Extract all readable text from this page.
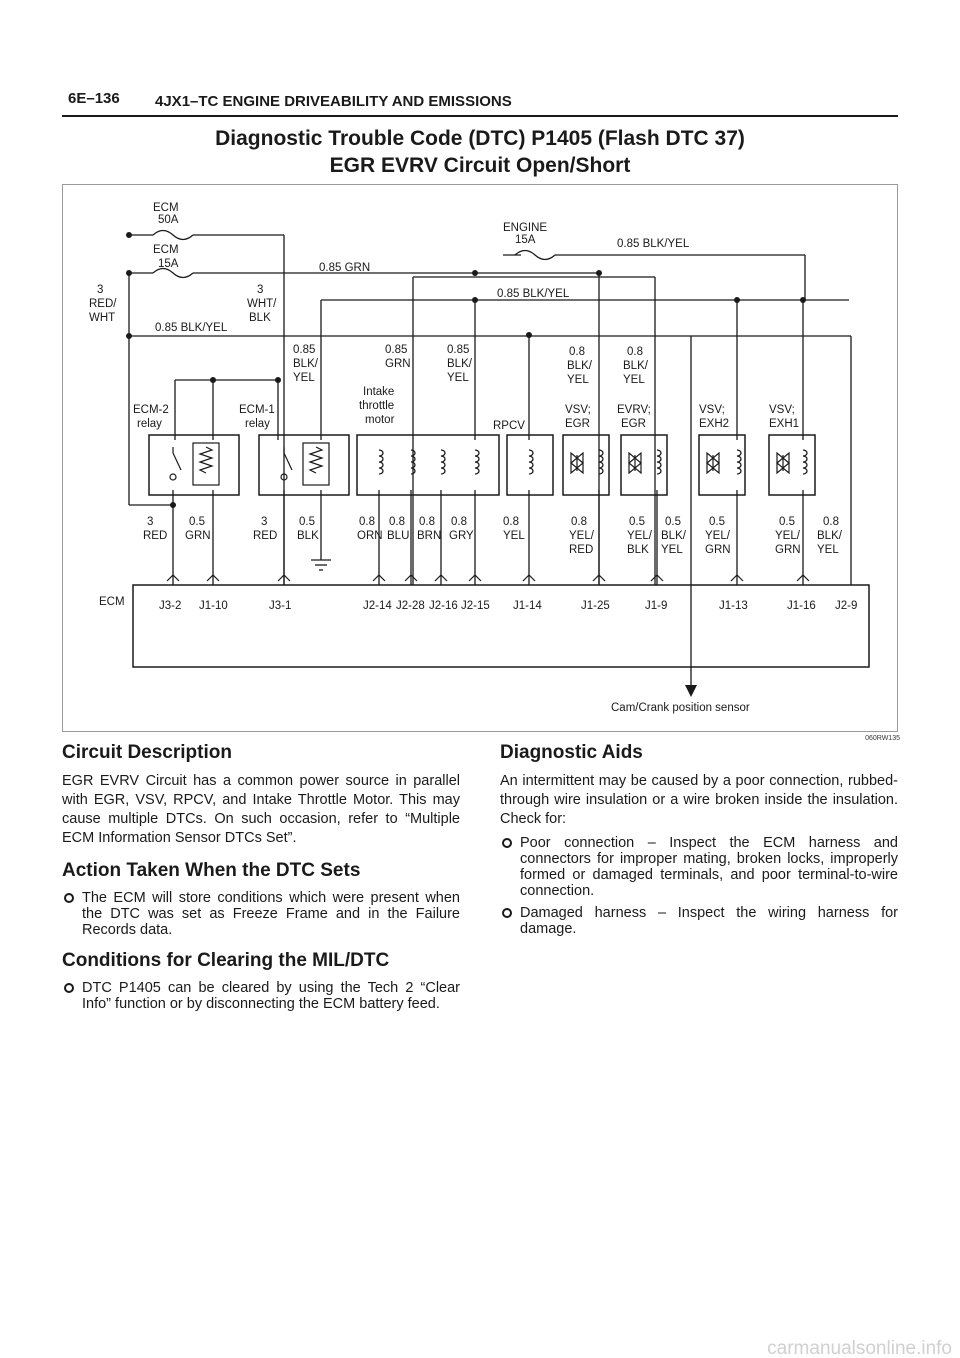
6E–136 4JX1–TC ENGINE DRIVEABILITY AND EMISSIONS
Diagnostic Trouble Code (DTC) P1405 (Flash DTC 37)
EGR EVRV Circuit Open/Short
ECM
50A
ECM
15A
ENGINE
15A	0.85 BLK/YEL
0.85 GRN
0.85 BLK/YEL
0.85 BLK/YEL
3
RED/
WHT
3
WHT/
BLK
0.85
BLK/
YEL
0.85
GRN
0.85
BLK/
YEL
0.8
BLK/
YEL
0.8
BLK/
YEL
ECM-2
relay
ECM-1
relay
Intake
throttle
motor	RPCV
VSV;
EGR
EVRV;
EGR
VSV;
EXH2
VSV;
EXH1
ECM
Cam/Crank position sensor
3
RED
0.5
GRN
3
RED
0.5
BLK
0.8
ORN
0.8
BLU
0.8
BRN
0.8
GRY
0.8
YEL
0.8
YEL/
RED
0.5
YEL/
BLK
0.5
BLK/
YEL
0.5
YEL/
GRN
0.5
YEL/
GRN
0.8
BLK/
YEL
J3-2 J1-10	J3-1	J2-14 J2-28 J2-16 J2-15 J1-14	J1-25	J1-9	J1-13	J1-16 J2-9
060RW135
Circuit Description
EGR EVRV Circuit has a common power source in parallel with EGR, VSV, RPCV, and Intake Throttle Motor. This may cause multiple DTCs. On such occasion, refer to “Multiple ECM Information Sensor DTCs Set”.
Action Taken When the DTC Sets
The ECM will store conditions which were present when the DTC was set as Freeze Frame and in the Failure Records data.
Conditions for Clearing the MIL/DTC
DTC P1405 can be cleared by using the Tech 2 “Clear Info” function or by disconnecting the ECM battery feed.
Diagnostic Aids
An intermittent may be caused by a poor connection, rubbed-through wire insulation or a wire broken inside the insulation. Check for:
Poor connection – Inspect the ECM harness and connectors for improper mating, broken locks, improperly formed or damaged terminals, and poor terminal-to-wire connection.
Damaged harness – Inspect the wiring harness for damage.
carmanualsonline.info
